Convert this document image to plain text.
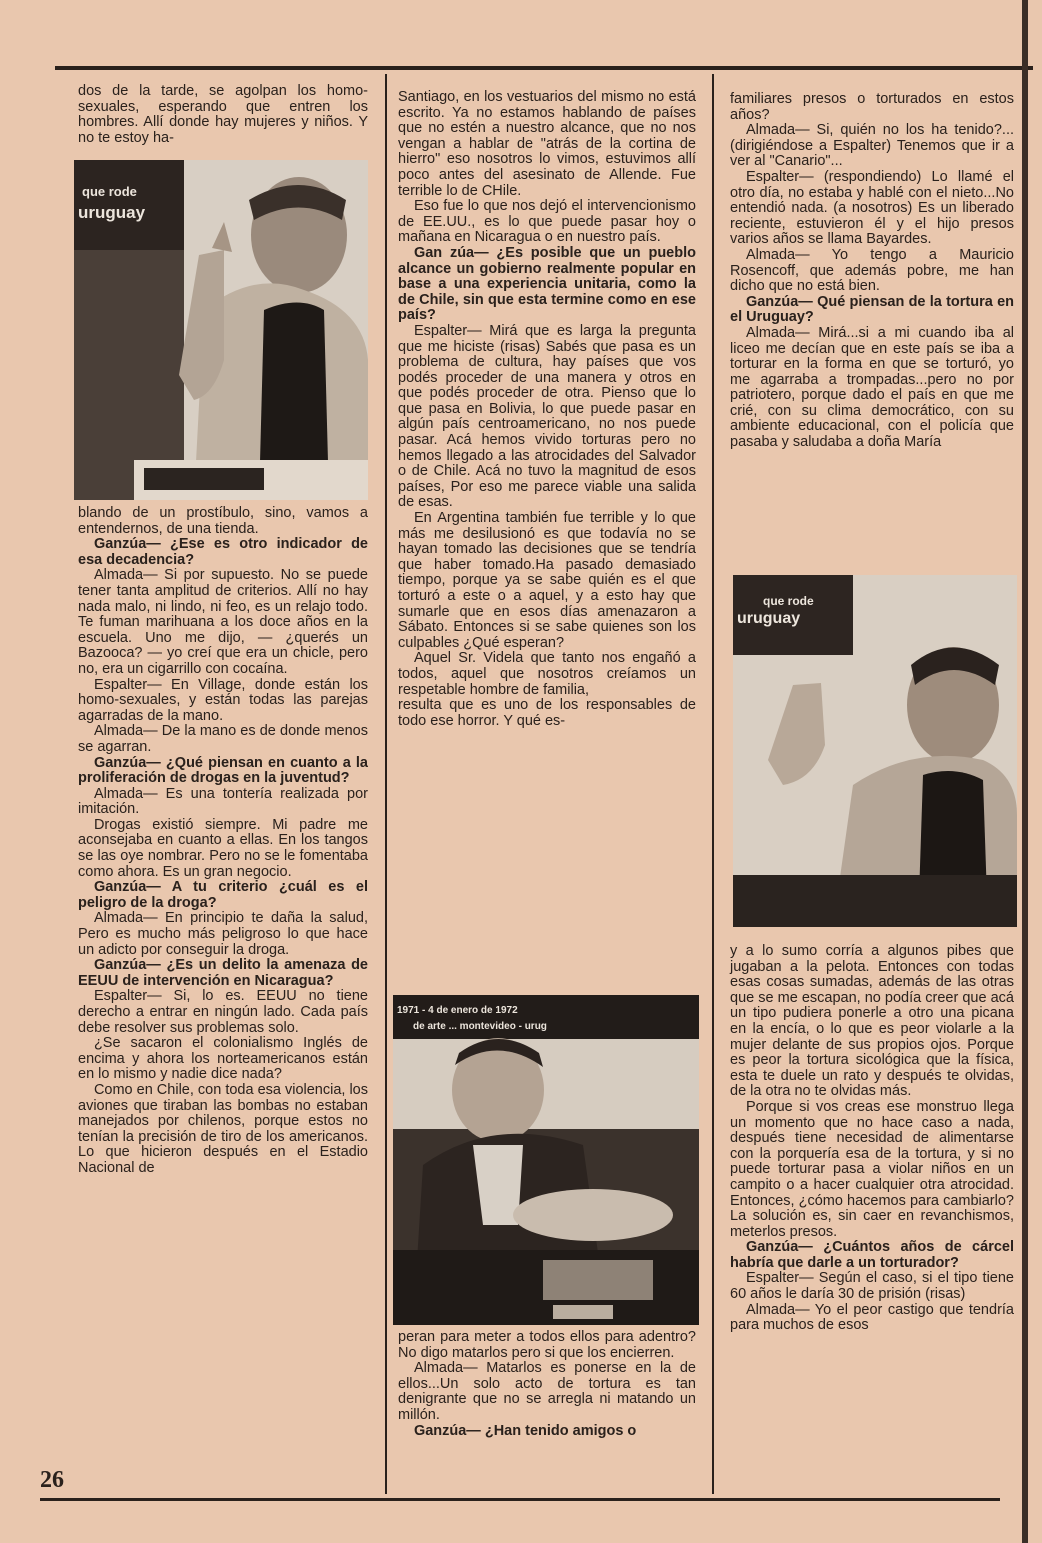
dos de la tarde, se agolpan los homo-sexuales, esperando que entren los hombres. Allí donde hay mujeres y niños. Y no te estoy ha-

que rode
uruguay

blando de un prostíbulo, sino, vamos a entendernos, de una tienda.

Ganzúa— ¿Ese es otro indicador de esa decadencia?

Almada— Si por supuesto. No se puede tener tanta amplitud de criterios. Allí no hay nada malo, ni lindo, ni feo, es un relajo todo. Te fuman marihuana a los doce años en la escuela. Uno me dijo, — ¿querés un Bazooca? — yo creí que era un chicle, pero no, era un cigarrillo con cocaína.

Espalter— En Village, donde están los homo-sexuales, y están todas las parejas agarradas de la mano.

Almada— De la mano es de donde menos se agarran.

Ganzúa— ¿Qué piensan en cuanto a la proliferación de drogas en la juventud?

Almada— Es una tontería realizada por imitación.

Drogas existió siempre. Mi padre me aconsejaba en cuanto a ellas. En los tangos se las oye nombrar. Pero no se le fomentaba como ahora. Es un gran negocio.

Ganzúa— A tu criterio ¿cuál es el peligro de la droga?

Almada— En principio te daña la salud, Pero es mucho más peligroso lo que hace un adicto por conseguir la droga.

Ganzúa— ¿Es un delito la amenaza de EEUU de intervención en Nicaragua?

Espalter— Si, lo es. EEUU no tiene derecho a entrar en ningún lado. Cada país debe resolver sus problemas solo.

¿Se sacaron el colonialismo Inglés de encima y ahora los norteamericanos están en lo mismo y nadie dice nada?

Como en Chile, con toda esa violencia, los aviones que tiraban las bombas no estaban manejados por chilenos, porque estos no tenían la precisión de tiro de los americanos. Lo que hicieron después en el Estadio Nacional de

Santiago, en los vestuarios del mismo no está escrito. Ya no estamos hablando de países que no estén a nuestro alcance, que no nos vengan a hablar de "atrás de la cortina de hierro" eso nosotros lo vimos, estuvimos allí poco antes del asesinato de Allende. Fue terrible lo de CHile.

Eso fue lo que nos dejó el intervencionismo de EE.UU., es lo que puede pasar hoy o mañana en Nicaragua o en nuestro país.

Gan zúa— ¿Es posible que un pueblo alcance un gobierno realmente popular en base a una experiencia unitaria, como la de Chile, sin que esta termine como en ese país?

Espalter— Mirá que es larga la pregunta que me hiciste (risas) Sabés que pasa es un problema de cultura, hay países que vos podés proceder de una manera y otros en que podés proceder de otra. Pienso que lo que pasa en Bolivia, lo que puede pasar en algún país centroamericano, no nos puede pasar. Acá hemos vivido torturas pero no hemos llegado a las atrocidades del Salvador o de Chile. Acá no tuvo la magnitud de esos países, Por eso me parece viable una salida de esas.

En Argentina también fue terrible y lo que más me desilusionó es que todavía no se hayan tomado las decisiones que se tendría que haber tomado.Ha pasado demasiado tiempo, porque ya se sabe quién es el que torturó a este o a aquel, y a esto hay que sumarle que en esos días amenazaron a Sábato. Entonces si se sabe quienes son los culpables ¿Qué esperan?

Aquel Sr. Videla que tanto nos engañó a todos, aquel que nosotros creíamos un respetable hombre de familia,

resulta que es uno de los responsables de todo ese horror. Y qué es-

1971 - 4 de enero de 1972
de arte ... montevideo - urug

peran para meter a todos ellos para adentro? No digo matarlos pero si que los encierren.

Almada— Matarlos es ponerse en la de ellos...Un solo acto de tortura es tan denigrante que no se arregla ni matando un millón.

Ganzúa— ¿Han tenido amigos o

familiares presos o torturados en estos años?

Almada— Si, quién no los ha tenido?...(dirigiéndose a Espalter) Tenemos que ir a ver al "Canario"...

Espalter— (respondiendo) Lo llamé el otro día, no estaba y hablé con el nieto...No entendió nada. (a nosotros) Es un liberado reciente, estuvieron él y el hijo presos varios años se llama Bayardes.

Almada— Yo tengo a Mauricio Rosencoff, que además pobre, me han dicho que no está bien.

Ganzúa— Qué piensan de la tortura en el Uruguay?

Almada— Mirá...si a mi cuando iba al liceo me decían que en este país se iba a torturar en la forma en que se torturó, yo me agarraba a trompadas...pero no por patriotero, porque dado el país en que me crié, con su clima democrático, con su ambiente educacional, con el policía que pasaba y saludaba a doña María

que rode
uruguay

y a lo sumo corría a algunos pibes que jugaban a la pelota. Entonces con todas esas cosas sumadas, además de las otras que se me escapan, no podía creer que acá un tipo pudiera ponerle a otro una picana en la encía, o lo que es peor violarle a la mujer delante de sus propios ojos. Porque es peor la tortura sicológica que la física, esta te duele un rato y después te olvidas, de la otra no te olvidas más.

Porque si vos creas ese monstruo llega un momento que no hace caso a nada, después tiene necesidad de alimentarse con la porquería esa de la tortura, y si no puede torturar pasa a violar niños en un campito o a hacer cualquier otra atrocidad. Entonces, ¿cómo hacemos para cambiarlo? La solución es, sin caer en revanchismos, meterlos presos.

Ganzúa— ¿Cuántos años de cárcel habría que darle a un torturador?

Espalter— Según el caso, si el tipo tiene 60 años le daría 30 de prisión (risas)

Almada— Yo el peor castigo que tendría para muchos de esos

26
